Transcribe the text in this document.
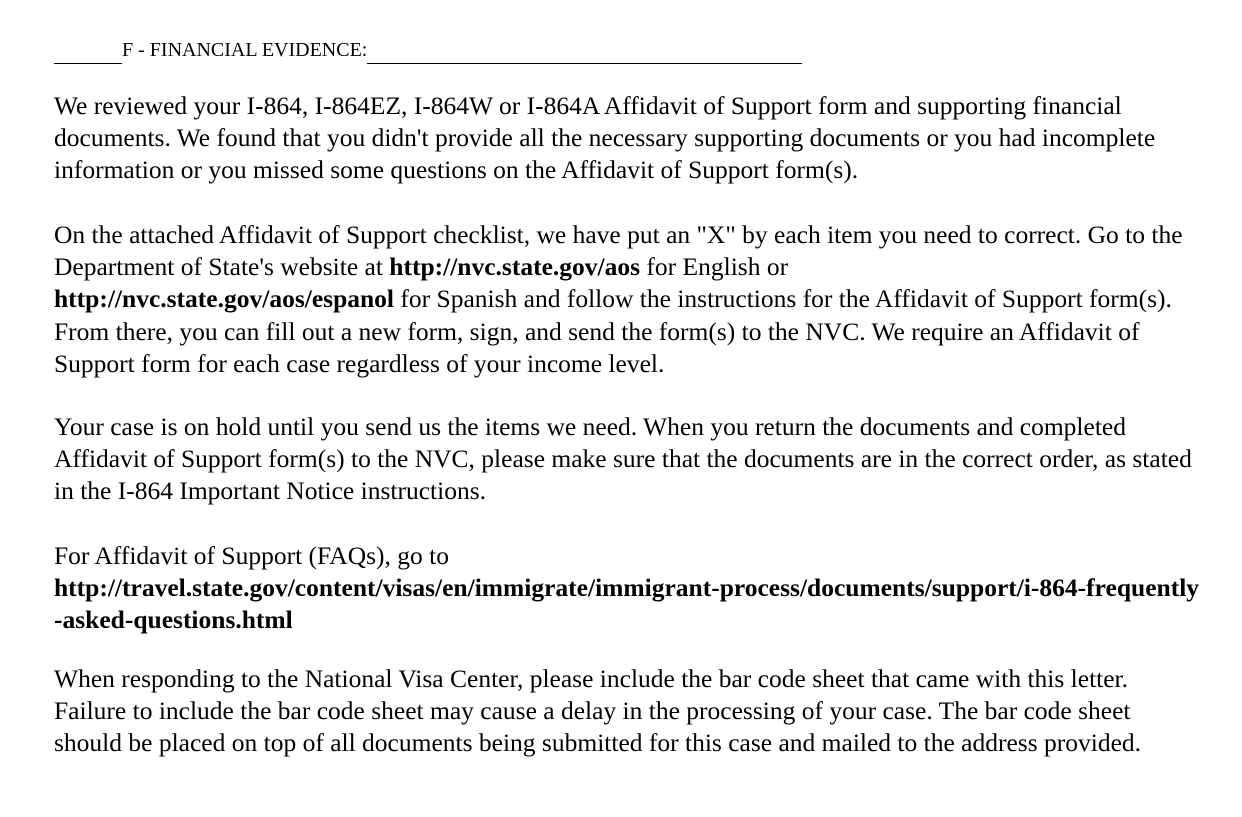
F - FINANCIAL EVIDENCE:

We reviewed your I-864, I-864EZ, I-864W or I-864A Affidavit of Support form and supporting financial documents. We found that you didn't provide all the necessary supporting documents or you had incomplete information or you missed some questions on the Affidavit of Support form(s).

On the attached Affidavit of Support checklist, we have put an "X" by each item you need to correct. Go to the Department of State's website at http://nvc.state.gov/aos for English or
http://nvc.state.gov/aos/espanol for Spanish and follow the instructions for the Affidavit of Support form(s). From there, you can fill out a new form, sign, and send the form(s) to the NVC. We require an Affidavit of Support form for each case regardless of your income level.

Your case is on hold until you send us the items we need. When you return the documents and completed Affidavit of Support form(s) to the NVC, please make sure that the documents are in the correct order, as stated in the I-864 Important Notice instructions.

For Affidavit of Support (FAQs), go to
http://travel.state.gov/content/visas/en/immigrate/immigrant-process/documents/support/i-864-frequently-asked-questions.html

When responding to the National Visa Center, please include the bar code sheet that came with this letter. Failure to include the bar code sheet may cause a delay in the processing of your case. The bar code sheet should be placed on top of all documents being submitted for this case and mailed to the address provided.
